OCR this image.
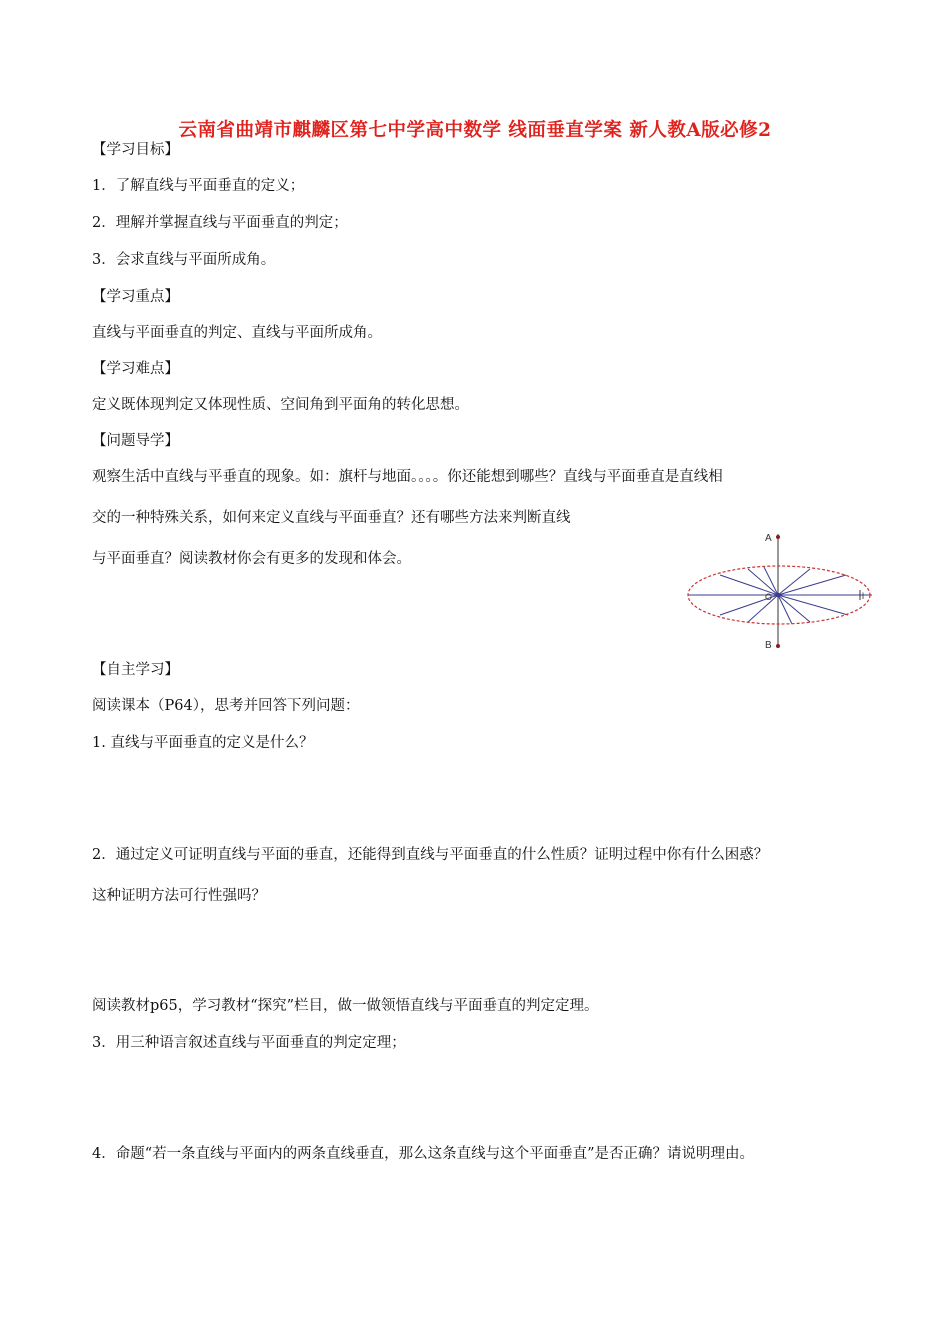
云南省曲靖市麒麟区第七中学高中数学 线面垂直学案 新人教A版必修2
【学习目标】
1．了解直线与平面垂直的定义；
2．理解并掌握直线与平面垂直的判定；
3．会求直线与平面所成角。
【学习重点】
直线与平面垂直的判定、直线与平面所成角。
【学习难点】
定义既体现判定又体现性质、空间角到平面角的转化思想。
【问题导学】
观察生活中直线与平垂直的现象。如：旗杆与地面。。。。你还能想到哪些？直线与平面垂直是直线相
交的一种特殊关系，如何来定义直线与平面垂直？还有哪些方法来判断直线
与平面垂直？阅读教材你会有更多的发现和体会。
A
B
O	l
【自主学习】
阅读课本（P64），思考并回答下列问题：
1. 直线与平面垂直的定义是什么？
2．通过定义可证明直线与平面的垂直，还能得到直线与平面垂直的什么性质？证明过程中你有什么困惑？
这种证明方法可行性强吗？
阅读教材p65，学习教材“探究”栏目，做一做领悟直线与平面垂直的判定定理。
3．用三种语言叙述直线与平面垂直的判定定理；
4．命题“若一条直线与平面内的两条直线垂直，那么这条直线与这个平面垂直”是否正确？请说明理由。
